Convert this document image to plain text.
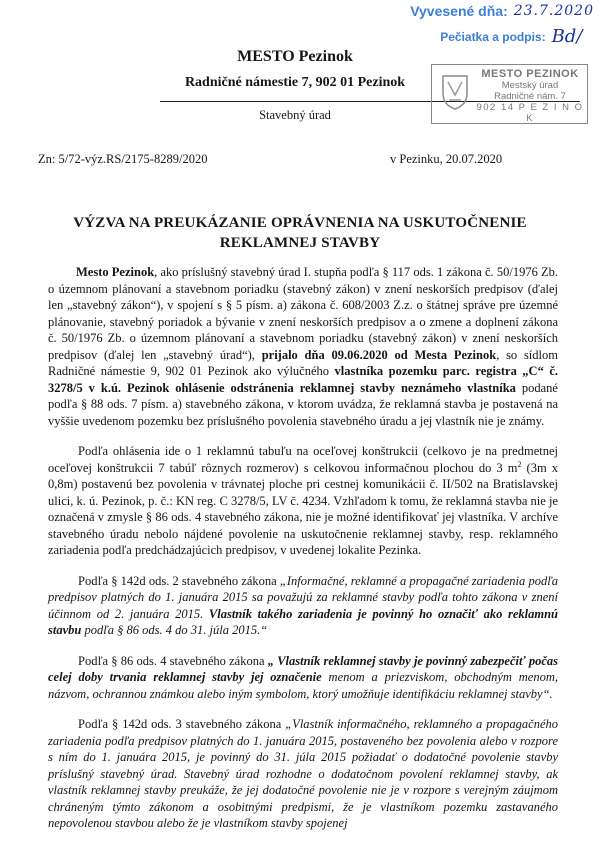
Vyvesené dňa: 23.7.2020
Pečiatka a podpis: Bd/
MESTO Pezinok
Radničné námestie 7, 902 01 Pezinok
Stavebný úrad
MESTO PEZINOK
Mestský úrad
Radničné nám. 7
902 14 P E Z I N O K
Zn: 5/72-výz.RS/2175-8289/2020	v Pezinku, 20.07.2020
VÝZVA NA PREUKÁZANIE OPRÁVNENIA NA USKUTOČNENIE
REKLAMNEJ STAVBY

Mesto Pezinok, ako príslušný stavebný úrad I. stupňa podľa § 117 ods. 1 zákona č. 50/1976 Zb. o územnom plánovaní a stavebnom poriadku (stavebný zákon) v znení neskorších predpisov (ďalej len „stavebný zákon“), v spojení s § 5 písm. a) zákona č. 608/2003 Z.z. o štátnej správe pre územné plánovanie, stavebný poriadok a bývanie v znení neskorších predpisov a o zmene a doplnení zákona č. 50/1976 Zb. o územnom plánovaní a stavebnom poriadku (stavebný zákon) v znení neskorších predpisov (ďalej len „stavebný úrad“), prijalo dňa 09.06.2020 od Mesta Pezinok, so sídlom Radničné námestie 9, 902 01 Pezinok ako výlučného vlastníka pozemku parc. registra „C“ č. 3278/5 v k.ú. Pezinok ohlásenie odstránenia reklamnej stavby neznámeho vlastníka podané podľa § 88 ods. 7 písm. a) stavebného zákona, v ktorom uvádza, že reklamná stavba je postavená na vyššie uvedenom pozemku bez príslušného povolenia stavebného úradu a jej vlastník nie je známy.

Podľa ohlásenia ide o 1 reklamnú tabuľu na oceľovej konštrukcii (celkovo je na predmetnej oceľovej konštrukcii 7 tabúľ rôznych rozmerov) s celkovou informačnou plochou do 3 $m^2$ (3m x 0,8m) postavenú bez povolenia v trávnatej ploche pri cestnej komunikácii č. II/502 na Bratislavskej ulici, k. ú. Pezinok, p. č.: KN reg. C 3278/5, LV č. 4234. Vzhľadom k tomu, že reklamná stavba nie je označená v zmysle § 86 ods. 4 stavebného zákona, nie je možné identifikovať jej vlastníka. V archíve stavebného úradu nebolo nájdené povolenie na uskutočnenie reklamnej stavby, resp. reklamného zariadenia podľa predchádzajúcich predpisov, v uvedenej lokalite Pezinka.

Podľa § 142d ods. 2 stavebného zákona „Informačné, reklamné a propagačné zariadenia podľa predpisov platných do 1. januára 2015 sa považujú za reklamné stavby podľa tohto zákona v znení účinnom od 2. januára 2015. Vlastník takého zariadenia je povinný ho označiť ako reklamnú stavbu podľa § 86 ods. 4 do 31. júla 2015.“

Podľa § 86 ods. 4 stavebného zákona „ Vlastník reklamnej stavby je povinný zabezpečiť počas celej doby trvania reklamnej stavby jej označenie menom a priezviskom, obchodným menom, názvom, ochrannou známkou alebo iným symbolom, ktorý umožňuje identifikáciu reklamnej stavby“.

Podľa § 142d ods. 3 stavebného zákona „Vlastník informačného, reklamného a propagačného zariadenia podľa predpisov platných do 1. januára 2015, postaveného bez povolenia alebo v rozpore s ním do 1. januára 2015, je povinný do 31. júla 2015 požiadať o dodatočné povolenie stavby príslušný stavebný úrad. Stavebný úrad rozhodne o dodatočnom povolení reklamnej stavby, ak vlastník reklamnej stavby preukáže, že jej dodatočné povolenie nie je v rozpore s verejným záujmom chráneným týmto zákonom a osobitnými predpismi, že je vlastníkom pozemku zastavaného nepovolenou stavbou alebo že je vlastníkom stavby spojenej
